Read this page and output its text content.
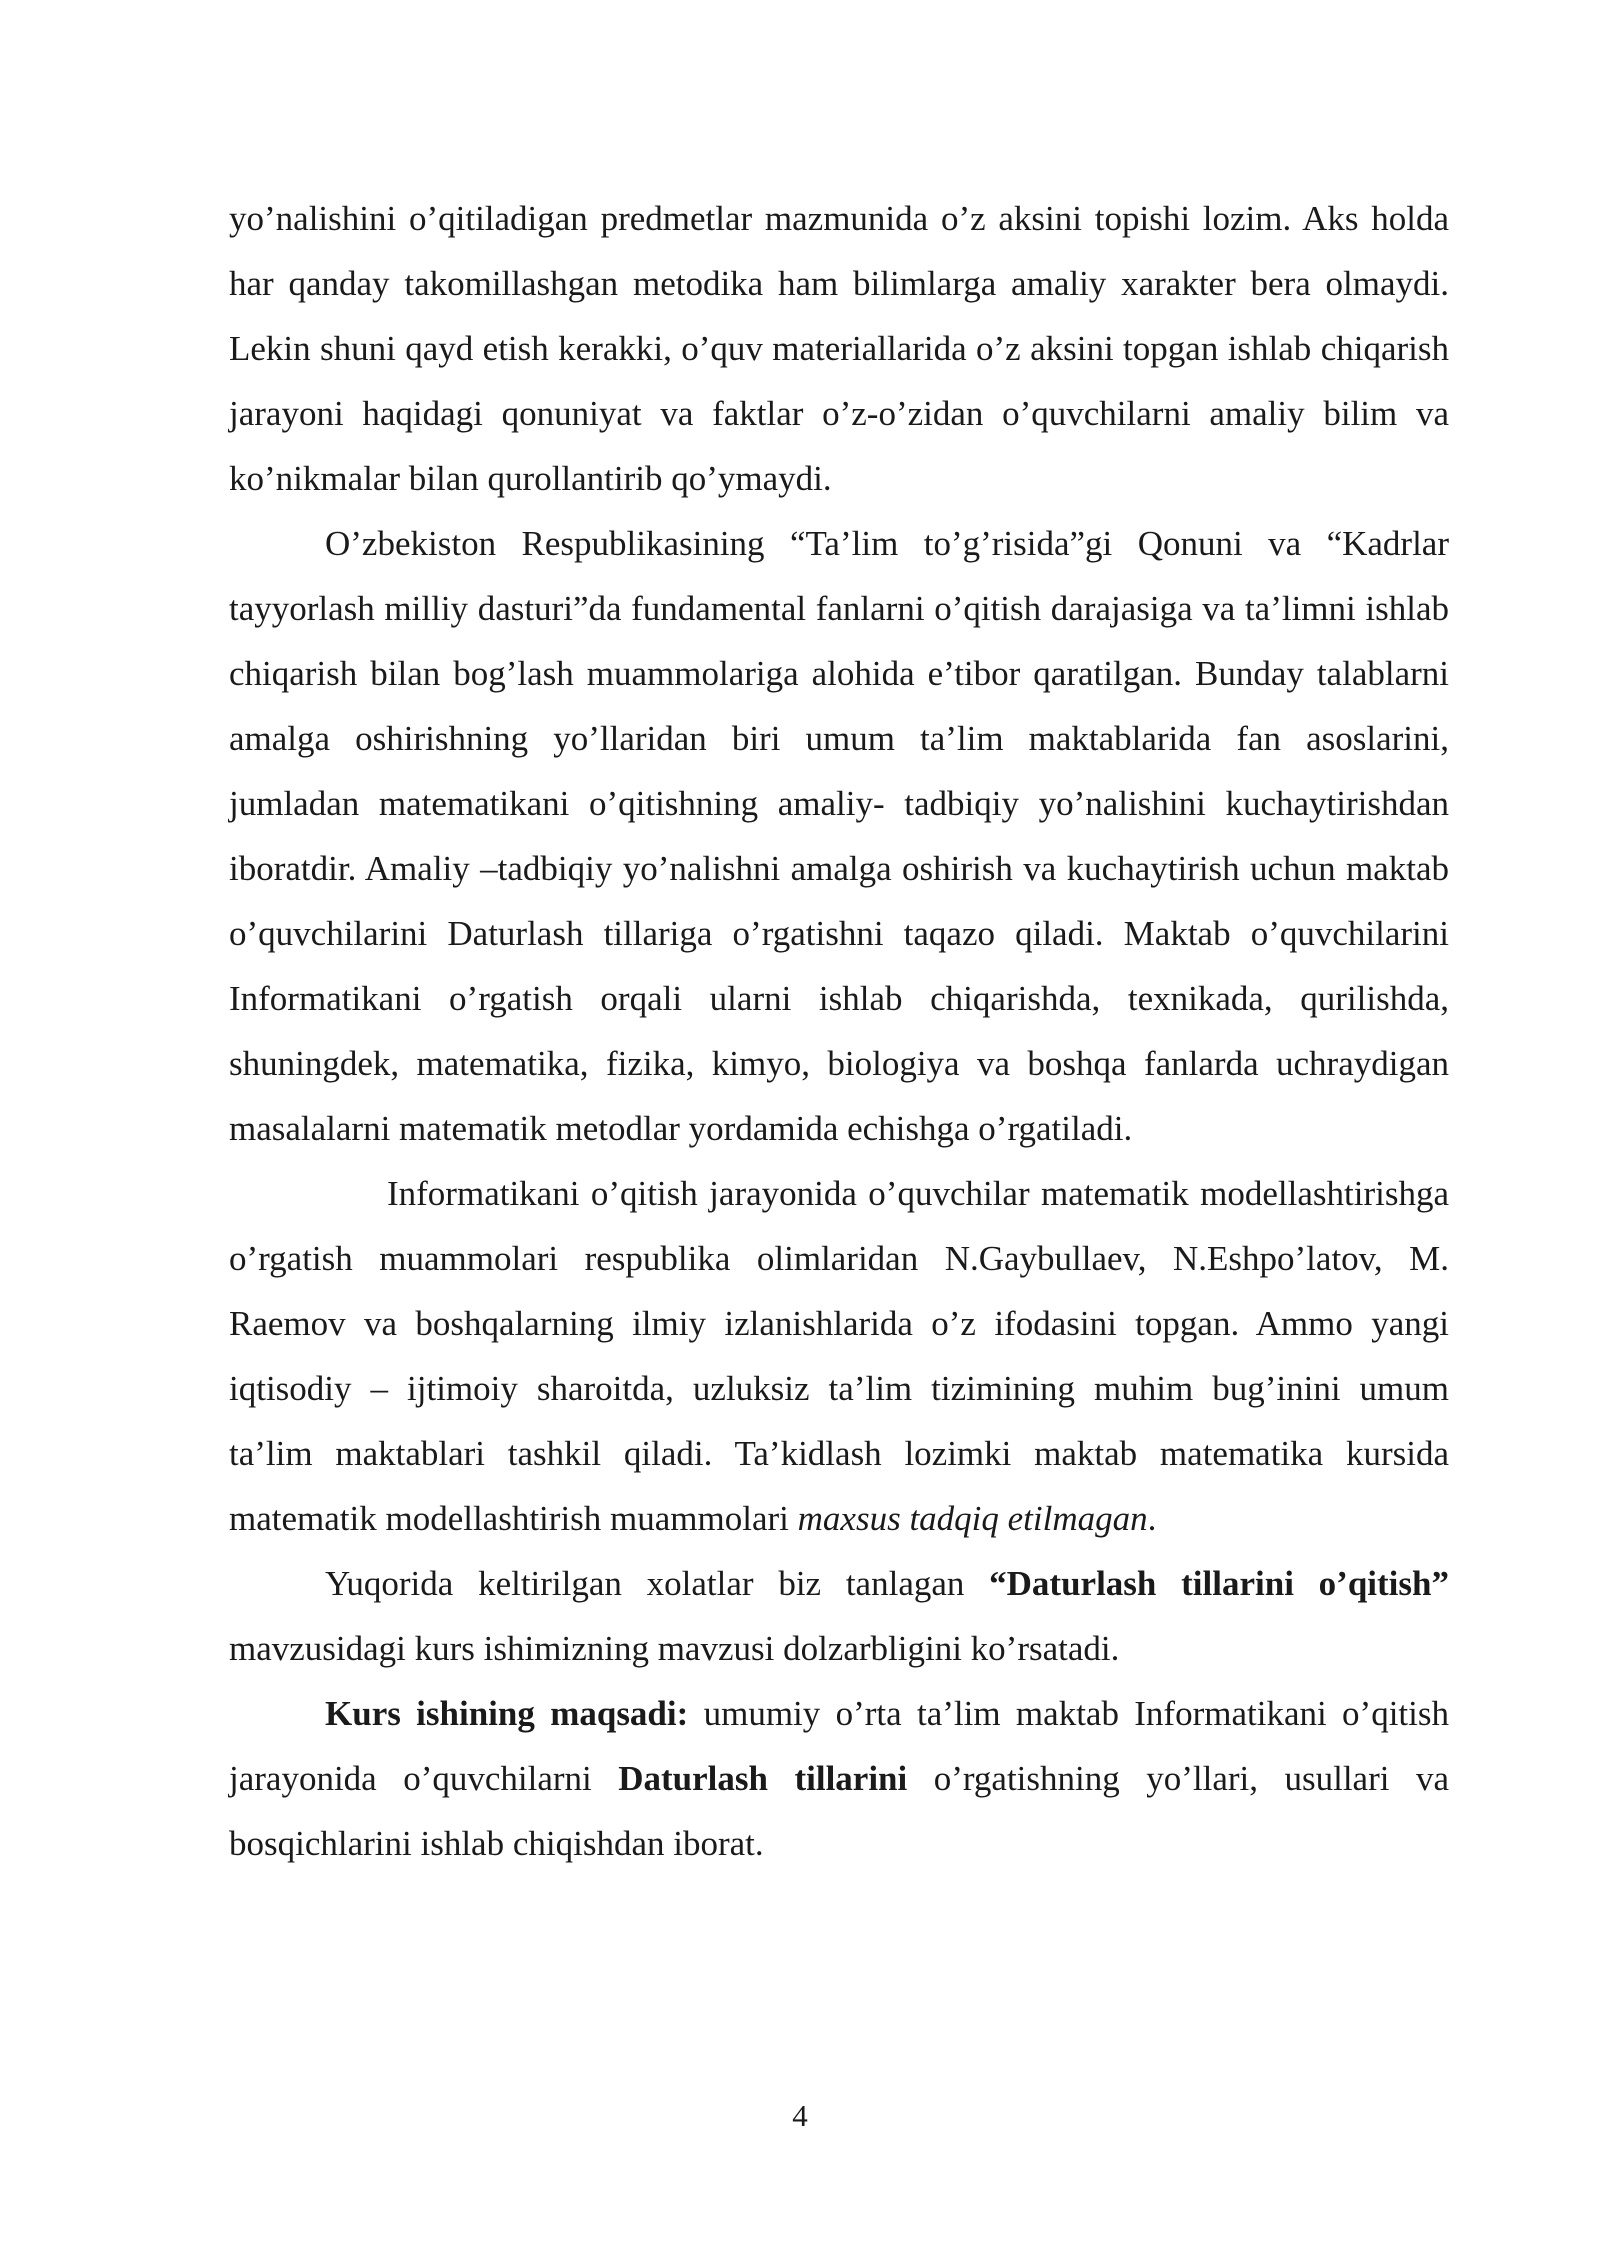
yo’nalishini o’qitiladigan predmetlar mazmunida o’z aksini topishi lozim. Aks holda har qanday takomillashgan metodika ham bilimlarga amaliy xarakter bera olmaydi. Lekin shuni qayd etish kerakki, o’quv materiallarida o’z aksini topgan ishlab chiqarish jarayoni haqidagi qonuniyat va faktlar o’z-o’zidan o’quvchilarni amaliy bilim va ko’nikmalar bilan qurollantirib qo’ymaydi.

O’zbekiston Respublikasining “Ta’lim to’g’risida”gi Qonuni va “Kadrlar tayyorlash milliy dasturi”da fundamental fanlarni o’qitish darajasiga va ta’limni ishlab chiqarish bilan bog’lash muammolariga alohida e’tibor qaratilgan. Bunday talablarni amalga oshirishning yo’llaridan biri umum ta’lim maktablarida fan asoslarini, jumladan matematikani o’qitishning amaliy- tadbiqiy yo’nalishini kuchaytirishdan iboratdir. Amaliy –tadbiqiy yo’nalishni amalga oshirish va kuchaytirish uchun maktab o’quvchilarini Daturlash tillariga o’rgatishni taqazo qiladi. Maktab o’quvchilarini Informatikani o’rgatish orqali ularni ishlab chiqarishda, texnikada, qurilishda, shuningdek, matematika, fizika, kimyo, biologiya va boshqa fanlarda uchraydigan masalalarni matematik metodlar yordamida echishga o’rgatiladi.

Informatikani o’qitish jarayonida o’quvchilar matematik modellashtirishga o’rgatish muammolari respublika olimlaridan N.Gaybullaev, N.Eshpo’latov, M. Raemov va boshqalarning ilmiy izlanishlarida o’z ifodasini topgan. Ammo yangi iqtisodiy – ijtimoiy sharoitda, uzluksiz ta’lim tizimining muhim bug’inini umum ta’lim maktablari tashkil qiladi. Ta’kidlash lozimki maktab matematika kursida matematik modellashtirish muammolari maxsus tadqiq etilmagan.

Yuqorida keltirilgan xolatlar biz tanlagan “Daturlash tillarini o’qitish” mavzusidagi kurs ishimizning mavzusi dolzarbligini ko’rsatadi.

Kurs ishining maqsadi: umumiy o’rta ta’lim maktab Informatikani o’qitish jarayonida o’quvchilarni Daturlash tillarini o’rgatishning yo’llari, usullari va bosqichlarini ishlab chiqishdan iborat.

4
